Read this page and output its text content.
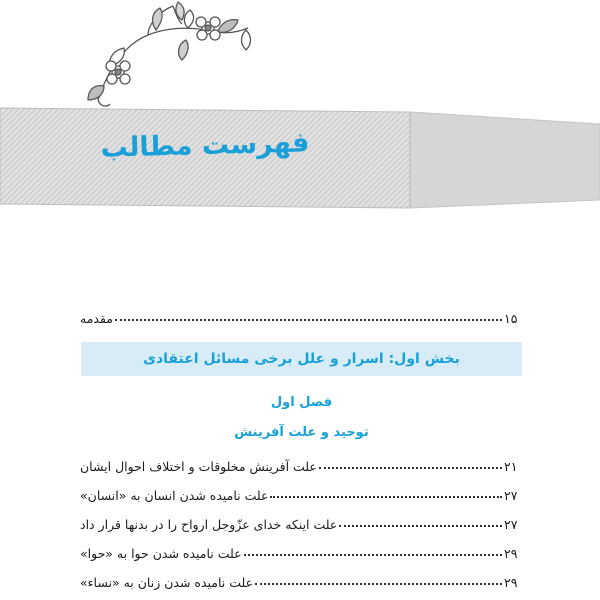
فهرست مطالب
مقدمه	۱۵
بخش اول: اسرار و علل برخی مسائل اعتقادی
فصل اول
توحید و علت آفرینش
علت آفرینش مخلوقات و اختلاف احوال ایشان	۲۱
علت نامیده شدن انسان به «انسان»	۲۷
علت اینکه خدای عزّوجل ارواح را در بدنها قرار داد	۲۷
علت نامیده شدن حوا به «حوا»	۲۹
علت نامیده شدن زنان به «نساء»	۲۹
